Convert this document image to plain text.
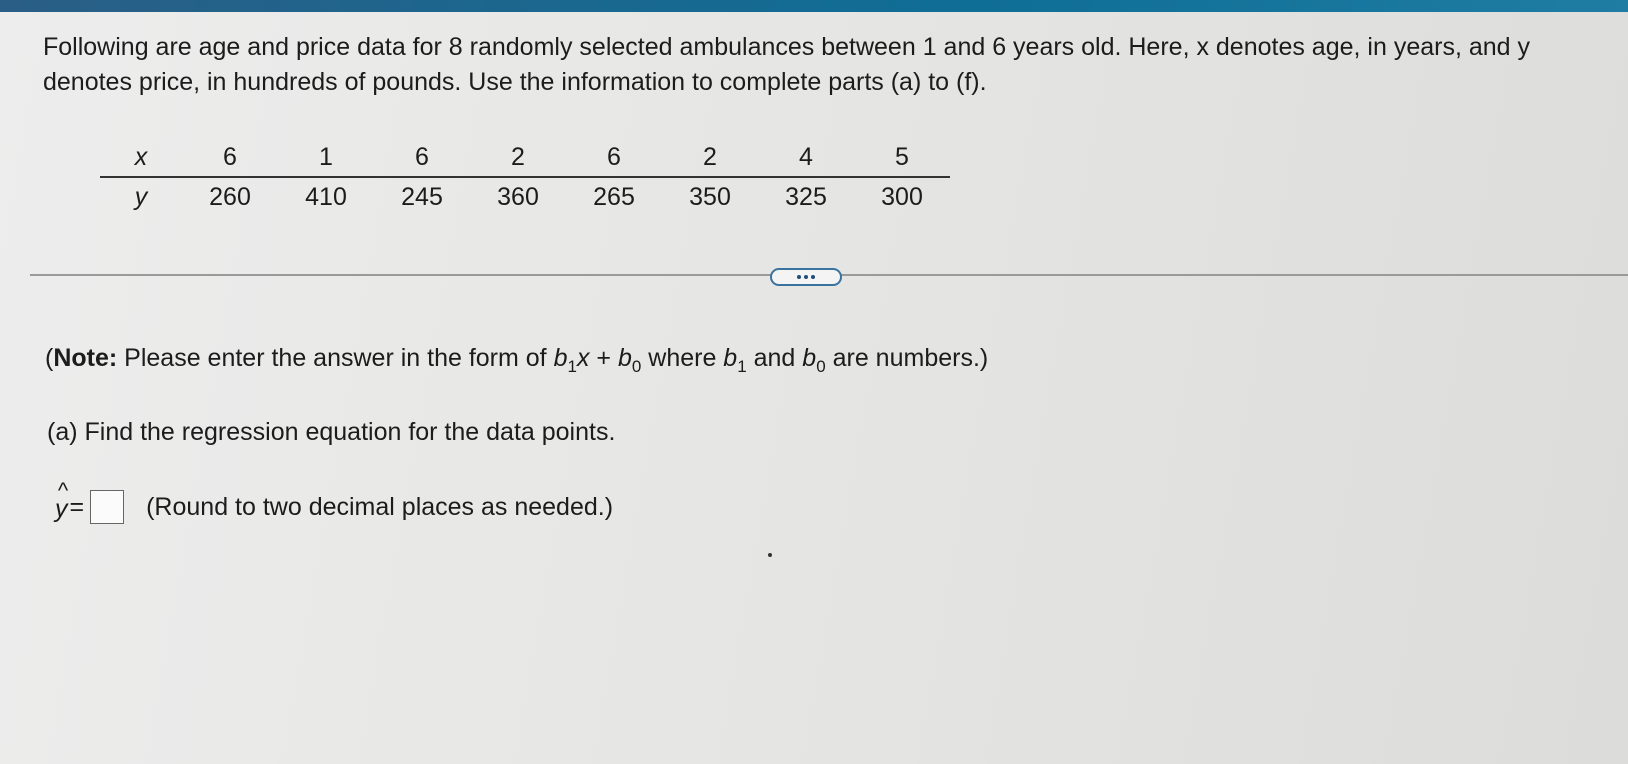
Following are age and price data for 8 randomly selected ambulances between 1 and 6 years old. Here, x denotes age, in years, and y denotes price, in hundreds of pounds. Use the information to complete parts (a) to (f).

x	6	1	6	2	6	2	4	5
y	260	410	245	360	265	350	325	300

(Note: Please enter the answer in the form of $b_1x + b_0$ where $b_1$ and $b_0$ are numbers.)

(a) Find the regression equation for the data points.

^
y = (Round to two decimal places as needed.)
